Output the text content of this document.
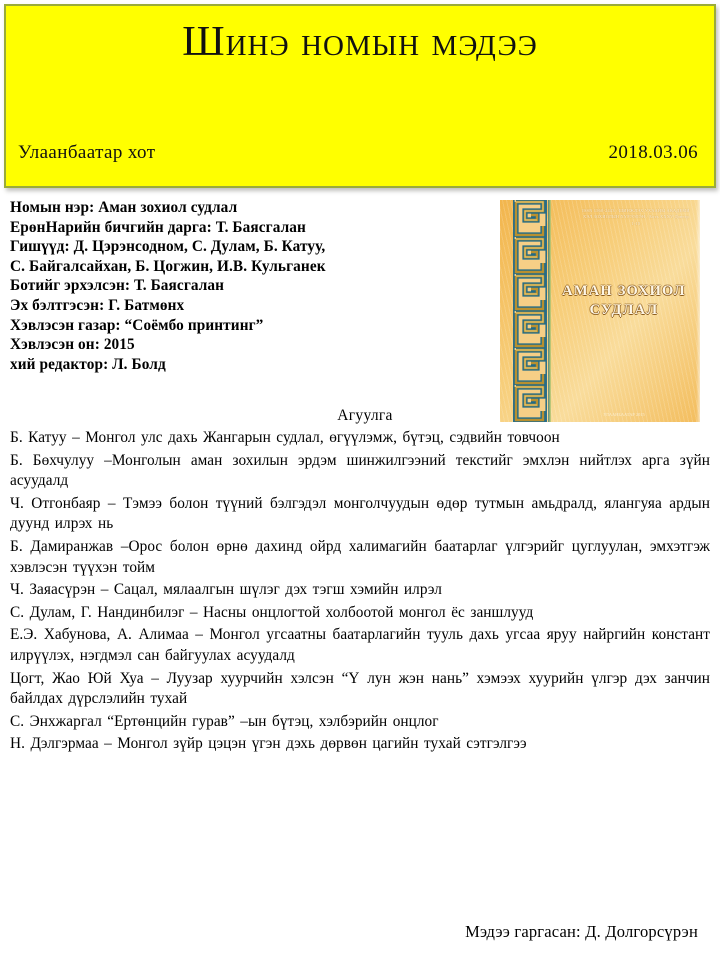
Шинэ номын мэдээ
Улаанбаатар хот	2018.03.06
Номын нэр: Аман зохиол судлал
ЕрөнНарийн бичгийн дарга: Т. Баясгалан
Гишүүд: Д. Цэрэнсодном, С. Дулам, Б. Катуу,
С. Байгалсайхан, Б. Цогжин, И.В. Кульганек
Ботийг эрхэлсэн: Т. Баясгалан
Эх бэлтгэсэн: Г. Батмөнх
Хэвлэсэн газар: “Соёмбо принтинг”
Хэвлэсэн он: 2015
хий редактор: Л. Болд
ISSN 1560-2443 / ШИНЖЛЭХ УХААНЫ АКАДЕМИ ХЭЛ ЗОХИОЛЫН ХҮРЭЭЛЭН / Боть XXXV Дэвтэр 1-15
АМАН ЗОХИОЛ СУДЛАЛ
УЛААНБААТАР 2015
Агуулга

Б. Катуу – Монгол улс дахь Жангарын судлал, өгүүлэмж, бүтэц, сэдвийн товчоон

Б. Бөхчулуу –Монголын аман зохилын эрдэм шинжилгээний текстийг эмхлэн нийтлэх арга зүйн асуудалд

Ч. Отгонбаяр – Тэмээ болон түүний бэлгэдэл монголчуудын өдөр тутмын амьдралд, ялангуяа ардын дуунд илрэх нь

Б. Дамиранжав –Орос болон өрнө дахинд ойрд халимагийн баатарлаг үлгэрийг цуглуулан, эмхэтгэж хэвлэсэн түүхэн тойм

Ч. Заяасүрэн – Сацал, мялаалгын шүлэг дэх тэгш хэмийн илрэл

С. Дулам, Г. Нандинбилэг – Насны онцлогтой холбоотой монгол ёс заншлууд

Е.Э. Хабунова, А. Алимаа – Монгол угсаатны баатарлагийн тууль дахь угсаа яруу найргийн констант илрүүлэх, нэгдмэл сан байгуулах асуудалд

Цогт, Жао Юй Хуа – Луузар хуурчийн хэлсэн “Ү лун жэн нань” хэмээх хуурийн үлгэр дэх занчин байлдах дүрслэлийн тухай

С. Энхжаргал “Ертөнцийн гурав” –ын бүтэц, хэлбэрийн онцлог

Н. Дэлгэрмаа – Монгол зүйр цэцэн үгэн дэхь дөрвөн цагийн тухай сэтгэлгээ

Мэдээ гаргасан: Д. Долгорсүрэн
